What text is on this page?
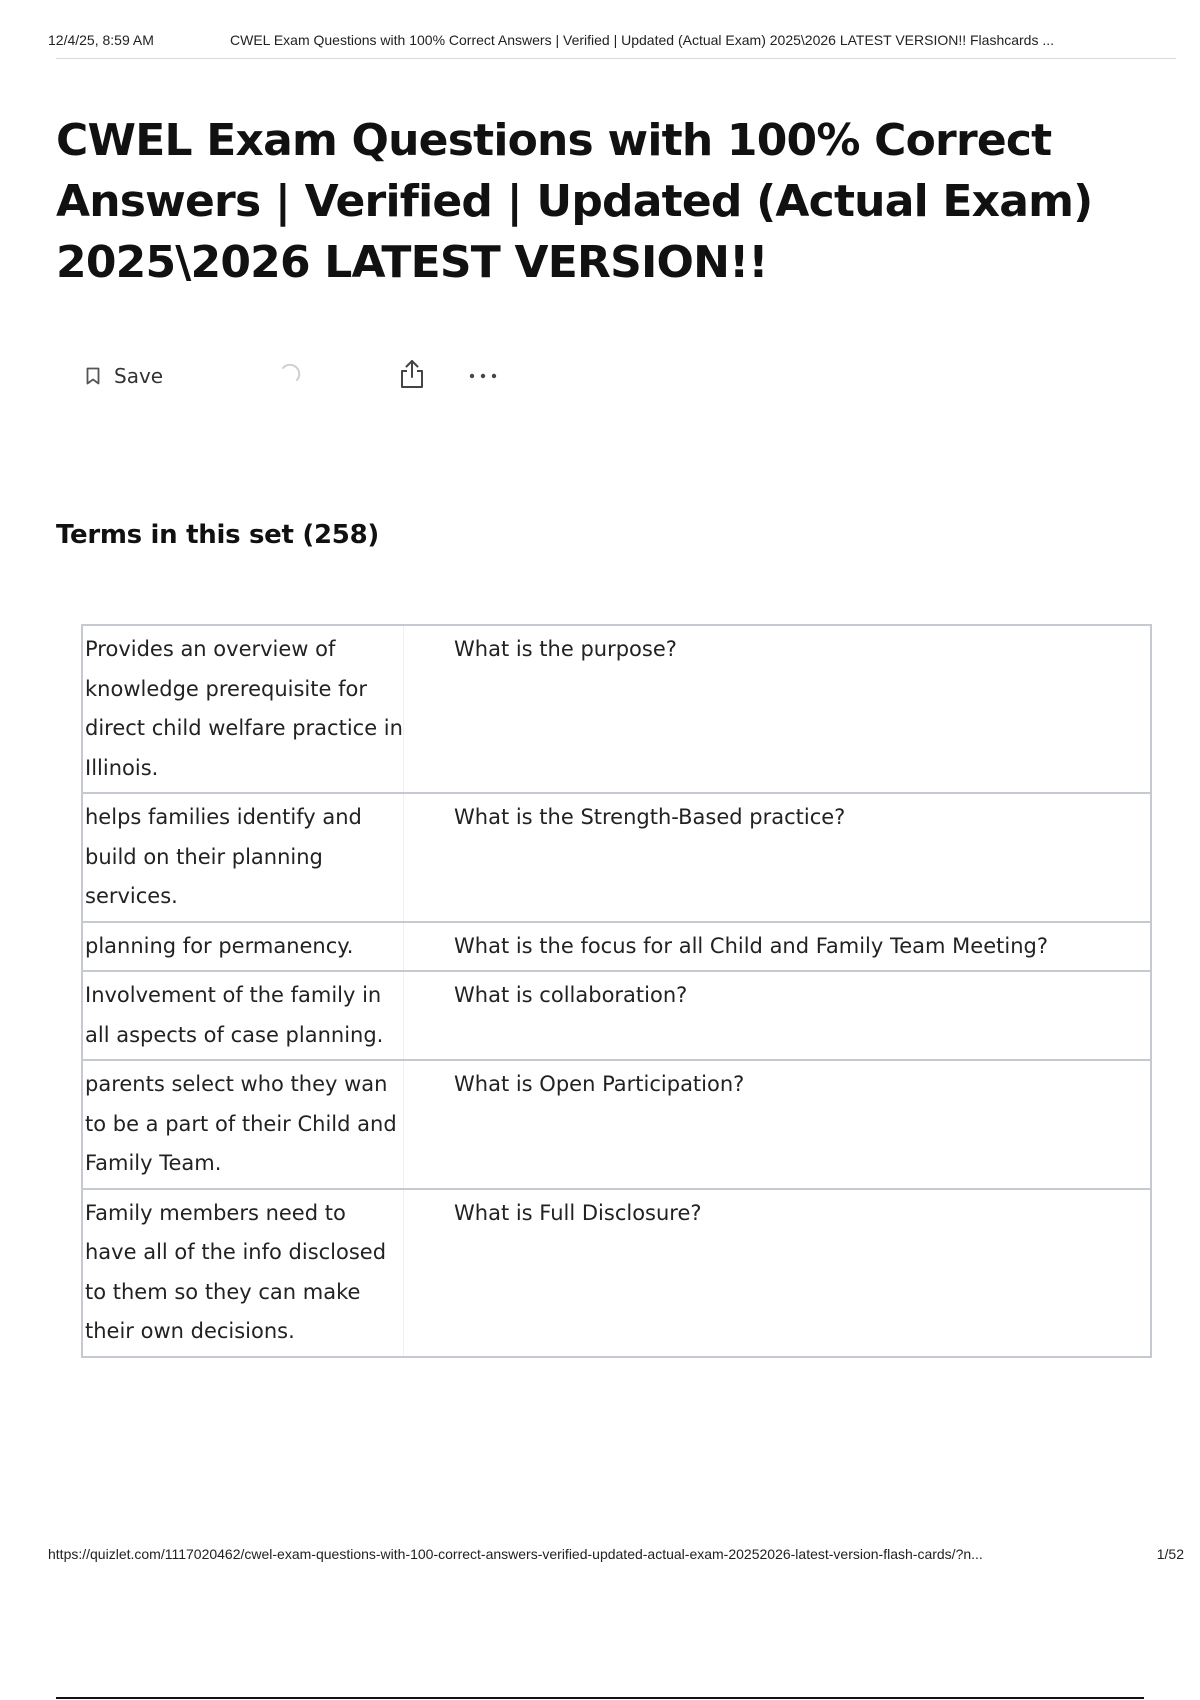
12/4/25, 8:59 AM	CWEL Exam Questions with 100% Correct Answers | Verified | Updated (Actual Exam) 2025\2026 LATEST VERSION!! Flashcards ...
CWEL Exam Questions with 100% Correct Answers | Verified | Updated (Actual Exam) 2025\2026 LATEST VERSION!!
Save
Terms in this set (258)
Provides an overview of knowledge prerequisite for direct child welfare practice in Illinois.	What is the purpose?
helps families identify and build on their planning services.	What is the Strength-Based practice?
planning for permanency.	What is the focus for all Child and Family Team Meeting?
Involvement of the family in all aspects of case planning.	What is collaboration?
parents select who they wan to be a part of their Child and Family Team.	What is Open Participation?
Family members need to have all of the info disclosed to them so they can make their own decisions.	What is Full Disclosure?
https://quizlet.com/1117020462/cwel-exam-questions-with-100-correct-answers-verified-updated-actual-exam-20252026-latest-version-flash-cards/?n...	1/52
